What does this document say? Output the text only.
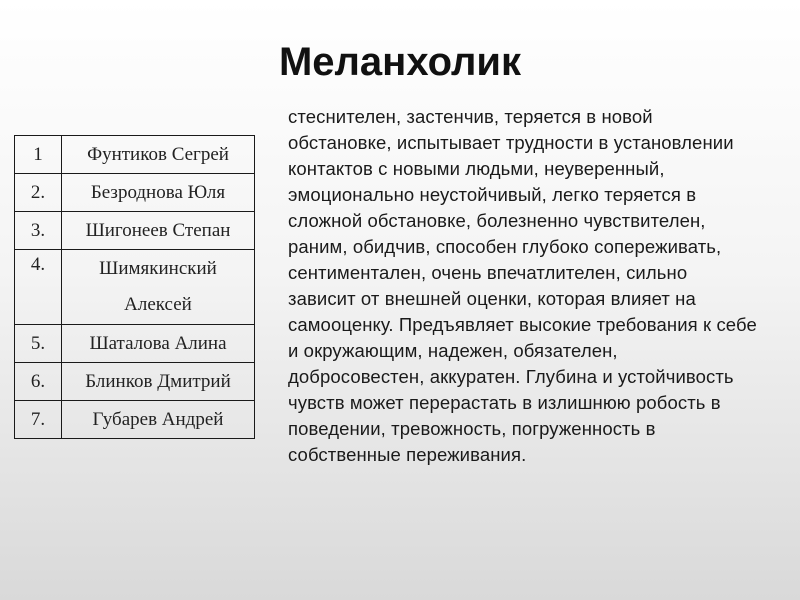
Меланхолик
1	Фунтиков Сегрей
2.	Безроднова Юля
3.	Шигонеев Степан
4.	Шимякинский
Алексей

5.	Шаталова Алина
6.	Блинков Дмитрий
7.	Губарев Андрей
стеснителен, застенчив, теряется в новой обстановке, испытывает трудности в установлении контактов с новыми людьми, неуверенный, эмоционально неустойчивый, легко теряется в сложной обстановке, болезненно чувствителен, раним, обидчив, способен глубоко сопереживать, сентиментален, очень впечатлителен, сильно зависит от внешней оценки, которая влияет на самооценку. Предъявляет высокие требования к себе и окружающим, надежен, обязателен, добросовестен, аккуратен. Глубина и устойчивость чувств может перерастать в излишнюю робость в поведении, тревожность, погруженность в собственные переживания.
